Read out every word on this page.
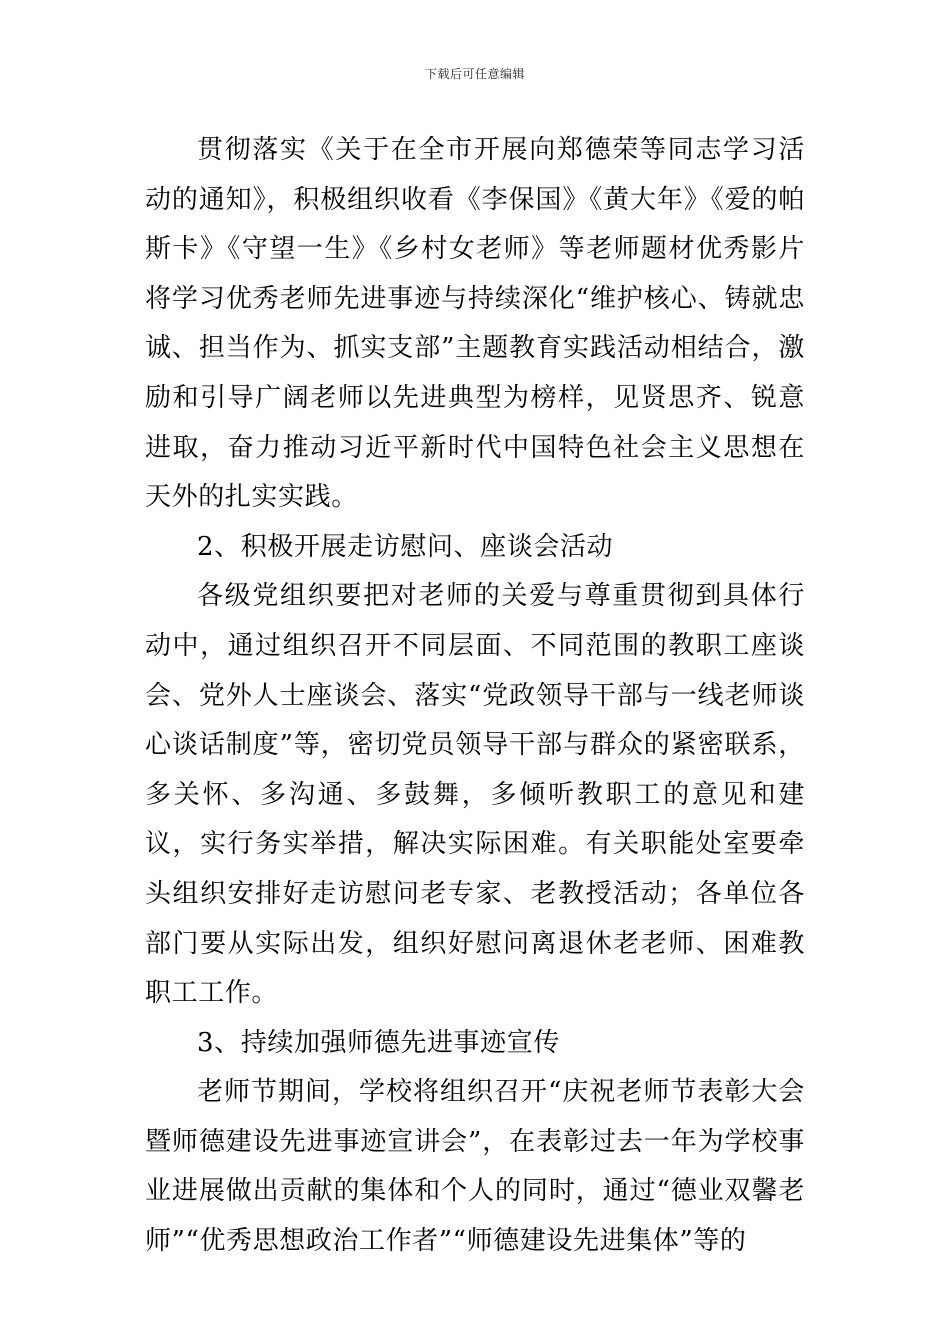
下载后可任意编辑

贯彻落实《关于在全市开展向郑德荣等同志学习活动的通知》，积极组织收看《李保国》《黄大年》《爱的帕斯卡》《守望一生》《乡村女老师》等老师题材优秀影片将学习优秀老师先进事迹与持续深化“维护核心、铸就忠诚、担当作为、抓实支部”主题教育实践活动相结合，激励和引导广阔老师以先进典型为榜样，见贤思齐、锐意进取，奋力推动习近平新时代中国特色社会主义思想在天外的扎实实践。

2、积极开展走访慰问、座谈会活动

各级党组织要把对老师的关爱与尊重贯彻到具体行动中，通过组织召开不同层面、不同范围的教职工座谈会、党外人士座谈会、落实“党政领导干部与一线老师谈心谈话制度”等，密切党员领导干部与群众的紧密联系，多关怀、多沟通、多鼓舞，多倾听教职工的意见和建议，实行务实举措，解决实际困难。有关职能处室要牵头组织安排好走访慰问老专家、老教授活动；各单位各部门要从实际出发，组织好慰问离退休老老师、困难教职工工作。

3、持续加强师德先进事迹宣传

老师节期间，学校将组织召开“庆祝老师节表彰大会暨师德建设先进事迹宣讲会”，在表彰过去一年为学校事业进展做出贡献的集体和个人的同时，通过“德业双馨老师”“优秀思想政治工作者”“师德建设先进集体”等的
